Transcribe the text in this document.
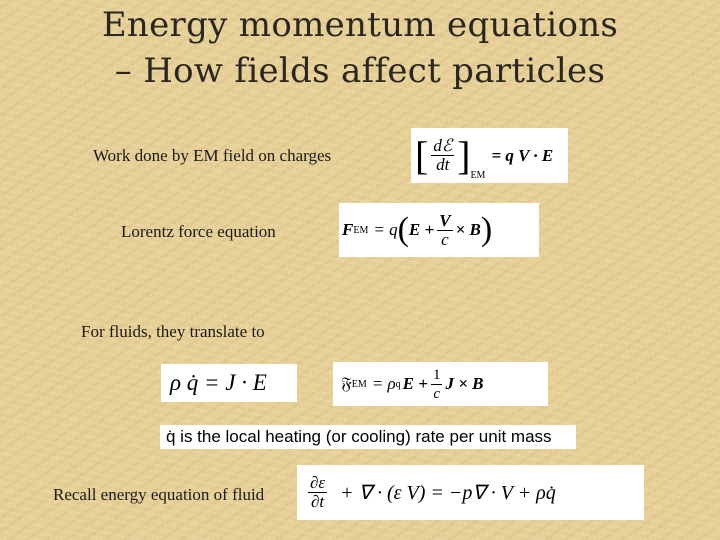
Energy momentum equations
– How fields affect particles
Work done by EM field on charges [ $\frac{\text{dℰ}}{dt}$ ] EM
= q V · E
Lorentz force equation	F EM = q ( $E + \frac{V}{c} \times B$ )
For fluids, they translate to
ρ q̇ = J · E	𝔉 EM = ρ q $E + \frac{1}{c}$ J × B
q̇ is the local heating (or cooling) rate per unit mass
Recall energy equation of fluid	$\frac{\partial\varepsilon}{\partial t}$ + ∇ · (ε V) = −p∇ · V + ρq̇
